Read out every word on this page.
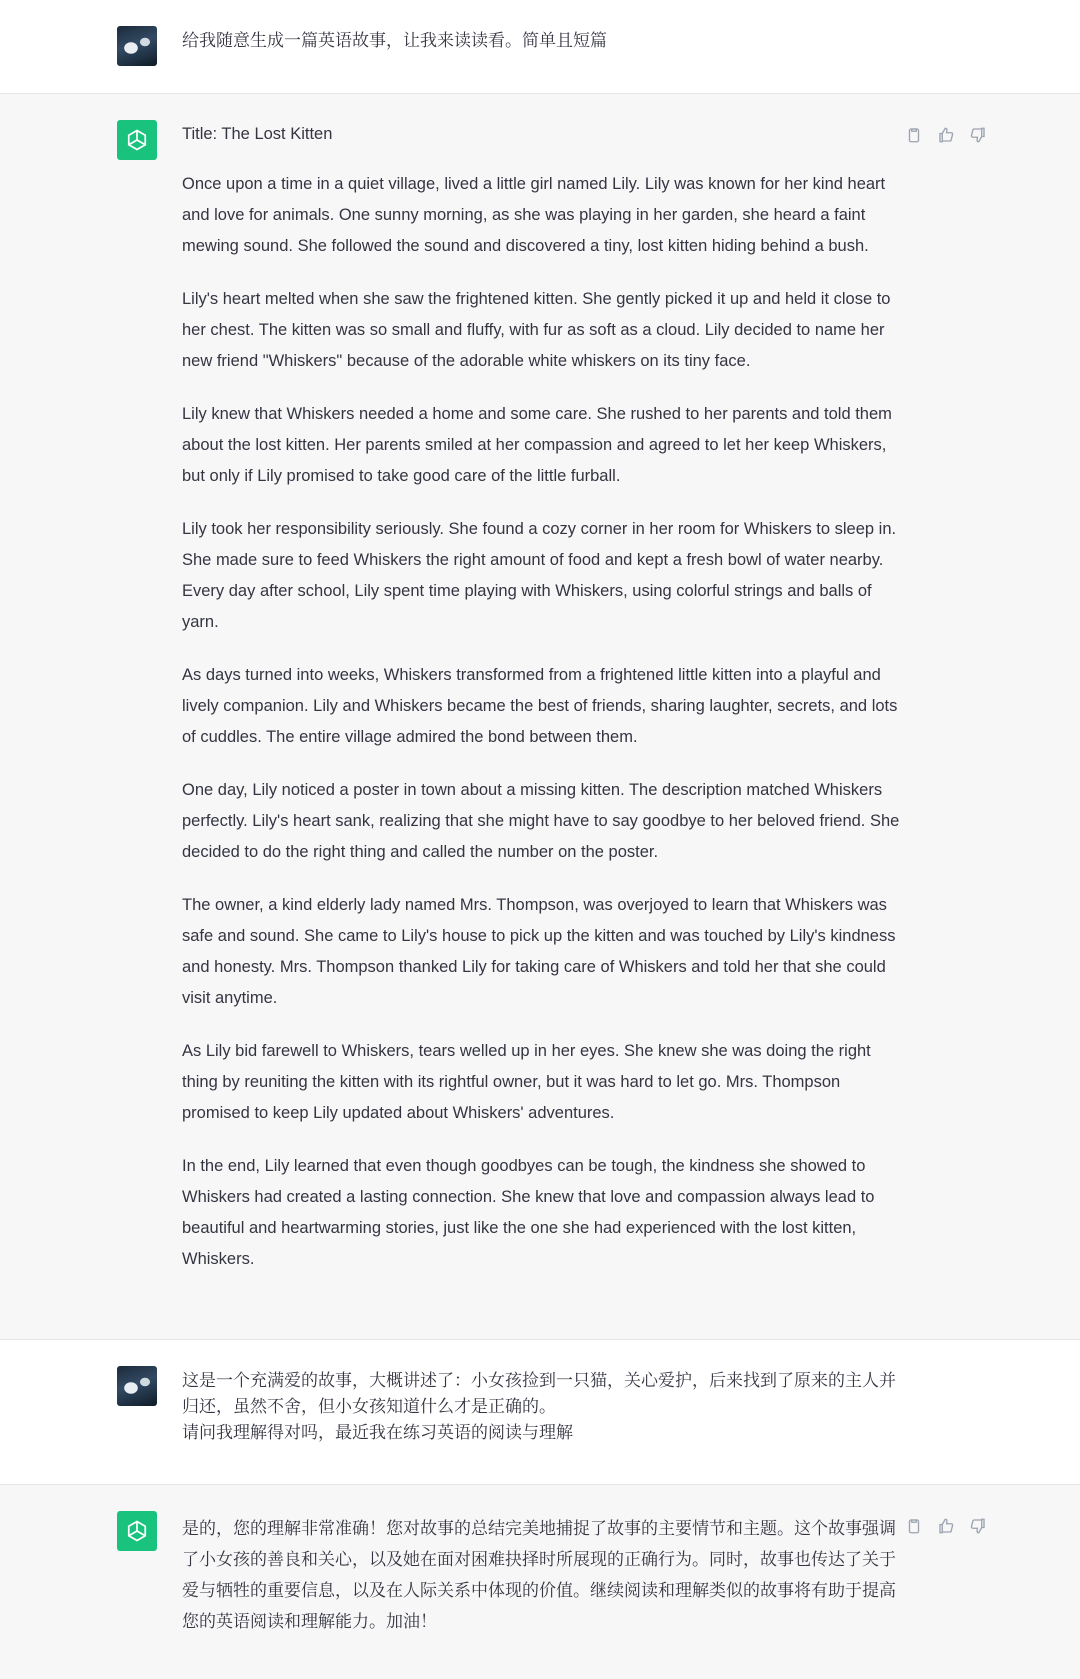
给我随意生成一篇英语故事，让我来读读看。简单且短篇

Title: The Lost Kitten

Once upon a time in a quiet village, lived a little girl named Lily. Lily was known for her kind heart and love for animals. One sunny morning, as she was playing in her garden, she heard a faint mewing sound. She followed the sound and discovered a tiny, lost kitten hiding behind a bush.

Lily's heart melted when she saw the frightened kitten. She gently picked it up and held it close to her chest. The kitten was so small and fluffy, with fur as soft as a cloud. Lily decided to name her new friend "Whiskers" because of the adorable white whiskers on its tiny face.

Lily knew that Whiskers needed a home and some care. She rushed to her parents and told them about the lost kitten. Her parents smiled at her compassion and agreed to let her keep Whiskers, but only if Lily promised to take good care of the little furball.

Lily took her responsibility seriously. She found a cozy corner in her room for Whiskers to sleep in. She made sure to feed Whiskers the right amount of food and kept a fresh bowl of water nearby. Every day after school, Lily spent time playing with Whiskers, using colorful strings and balls of yarn.

As days turned into weeks, Whiskers transformed from a frightened little kitten into a playful and lively companion. Lily and Whiskers became the best of friends, sharing laughter, secrets, and lots of cuddles. The entire village admired the bond between them.

One day, Lily noticed a poster in town about a missing kitten. The description matched Whiskers perfectly. Lily's heart sank, realizing that she might have to say goodbye to her beloved friend. She decided to do the right thing and called the number on the poster.

The owner, a kind elderly lady named Mrs. Thompson, was overjoyed to learn that Whiskers was safe and sound. She came to Lily's house to pick up the kitten and was touched by Lily's kindness and honesty. Mrs. Thompson thanked Lily for taking care of Whiskers and told her that she could visit anytime.

As Lily bid farewell to Whiskers, tears welled up in her eyes. She knew she was doing the right thing by reuniting the kitten with its rightful owner, but it was hard to let go. Mrs. Thompson promised to keep Lily updated about Whiskers' adventures.

In the end, Lily learned that even though goodbyes can be tough, the kindness she showed to Whiskers had created a lasting connection. She knew that love and compassion always lead to beautiful and heartwarming stories, just like the one she had experienced with the lost kitten, Whiskers.

这是一个充满爱的故事，大概讲述了：小女孩捡到一只猫，关心爱护，后来找到了原来的主人并归还，虽然不舍，但小女孩知道什么才是正确的。
请问我理解得对吗，最近我在练习英语的阅读与理解
是的，您的理解非常准确！您对故事的总结完美地捕捉了故事的主要情节和主题。这个故事强调了小女孩的善良和关心，以及她在面对困难抉择时所展现的正确行为。同时，故事也传达了关于爱与牺牲的重要信息，以及在人际关系中体现的价值。继续阅读和理解类似的故事将有助于提高您的英语阅读和理解能力。加油！
